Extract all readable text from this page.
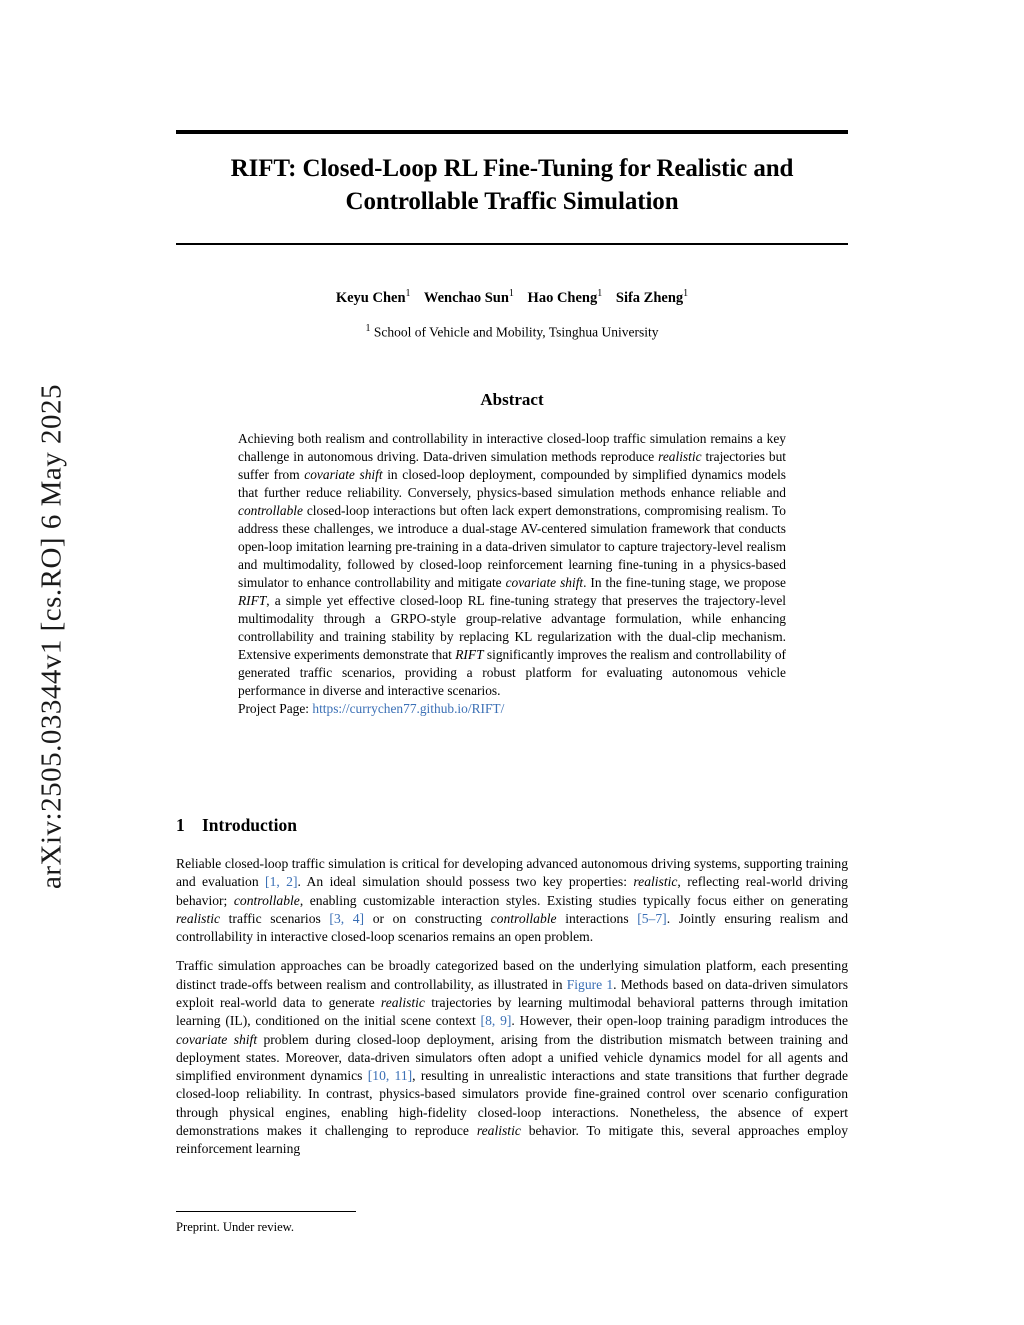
arXiv:2505.03344v1 [cs.RO] 6 May 2025
RIFT: Closed-Loop RL Fine-Tuning for Realistic and
Controllable Traffic Simulation
Keyu Chen$^1$ Wenchao Sun$^1$ Hao Cheng$^1$ Sifa Zheng$^1$
$^1$ School of Vehicle and Mobility, Tsinghua University
Abstract

Achieving both realism and controllability in interactive closed-loop traffic simulation remains a key challenge in autonomous driving. Data-driven simulation methods reproduce realistic trajectories but suffer from covariate shift in closed-loop deployment, compounded by simplified dynamics models that further reduce reliability. Conversely, physics-based simulation methods enhance reliable and controllable closed-loop interactions but often lack expert demonstrations, compromising realism. To address these challenges, we introduce a dual-stage AV-centered simulation framework that conducts open-loop imitation learning pre-training in a data-driven simulator to capture trajectory-level realism and multimodality, followed by closed-loop reinforcement learning fine-tuning in a physics-based simulator to enhance controllability and mitigate covariate shift. In the fine-tuning stage, we propose RIFT, a simple yet effective closed-loop RL fine-tuning strategy that preserves the trajectory-level multimodality through a GRPO-style group-relative advantage formulation, while enhancing controllability and training stability by replacing KL regularization with the dual-clip mechanism. Extensive experiments demonstrate that RIFT significantly improves the realism and controllability of generated traffic scenarios, providing a robust platform for evaluating autonomous vehicle performance in diverse and interactive scenarios.

Project Page: https://currychen77.github.io/RIFT/

1 Introduction

Reliable closed-loop traffic simulation is critical for developing advanced autonomous driving systems, supporting training and evaluation [1, 2]. An ideal simulation should possess two key properties: realistic, reflecting real-world driving behavior; controllable, enabling customizable interaction styles. Existing studies typically focus either on generating realistic traffic scenarios [3, 4] or on constructing controllable interactions [5–7]. Jointly ensuring realism and controllability in interactive closed-loop scenarios remains an open problem.

Traffic simulation approaches can be broadly categorized based on the underlying simulation platform, each presenting distinct trade-offs between realism and controllability, as illustrated in Figure 1. Methods based on data-driven simulators exploit real-world data to generate realistic trajectories by learning multimodal behavioral patterns through imitation learning (IL), conditioned on the initial scene context [8, 9]. However, their open-loop training paradigm introduces the covariate shift problem during closed-loop deployment, arising from the distribution mismatch between training and deployment states. Moreover, data-driven simulators often adopt a unified vehicle dynamics model for all agents and simplified environment dynamics [10, 11], resulting in unrealistic interactions and state transitions that further degrade closed-loop reliability. In contrast, physics-based simulators provide fine-grained control over scenario configuration through physical engines, enabling high-fidelity closed-loop interactions. Nonetheless, the absence of expert demonstrations makes it challenging to reproduce realistic behavior. To mitigate this, several approaches employ reinforcement learning

Preprint. Under review.
